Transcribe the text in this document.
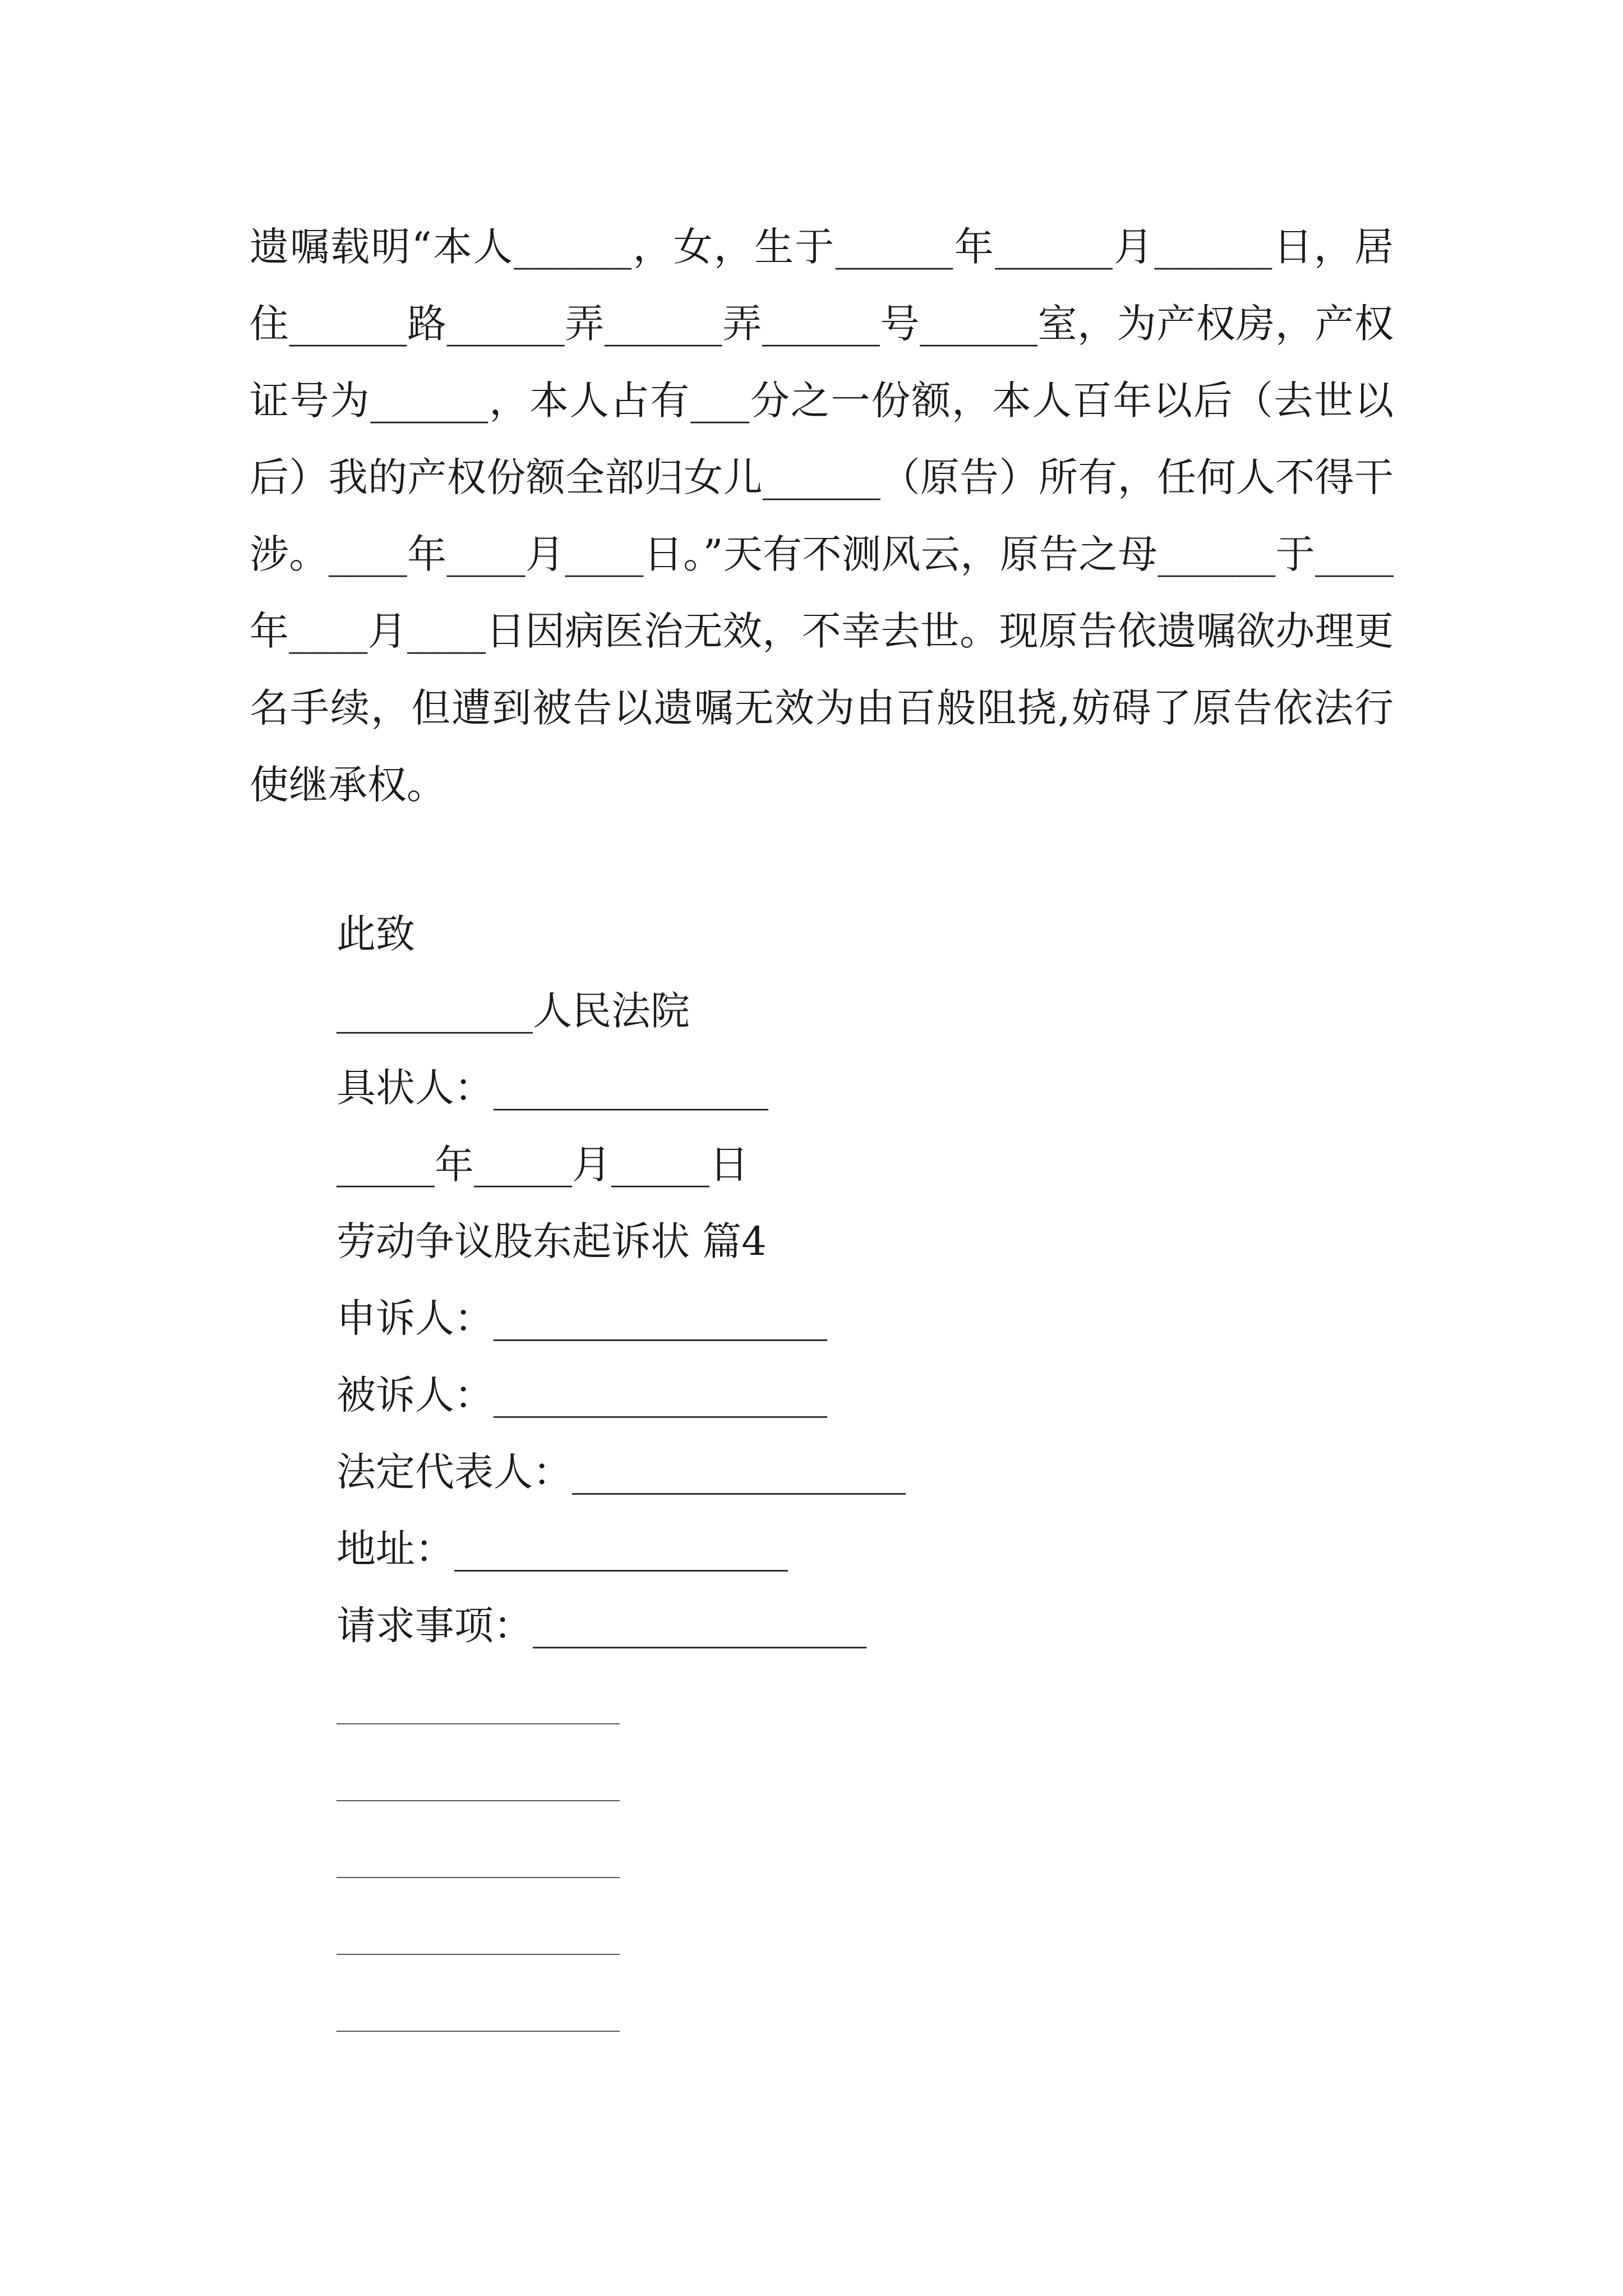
遗嘱载明“本人______，女，生于______年______月______日，居住______路______弄______弄______号______室，为产权房，产权证号为______，本人占有___分之一份额，本人百年以后（去世以后）我的产权份额全部归女儿______（原告）所有，任何人不得干涉。____年____月____日。”天有不测风云，原告之母______于____年____月____日因病医治无效，不幸去世。现原告依遗嘱欲办理更名手续，但遭到被告以遗嘱无效为由百般阻挠,妨碍了原告依法行使继承权。

此致

__________人民法院

具状人：______________

_____年_____月_____日

劳动争议股东起诉状 篇4

申诉人：_________________

被诉人：_________________

法定代表人：_________________

地址：_________________

请求事项：_________________
